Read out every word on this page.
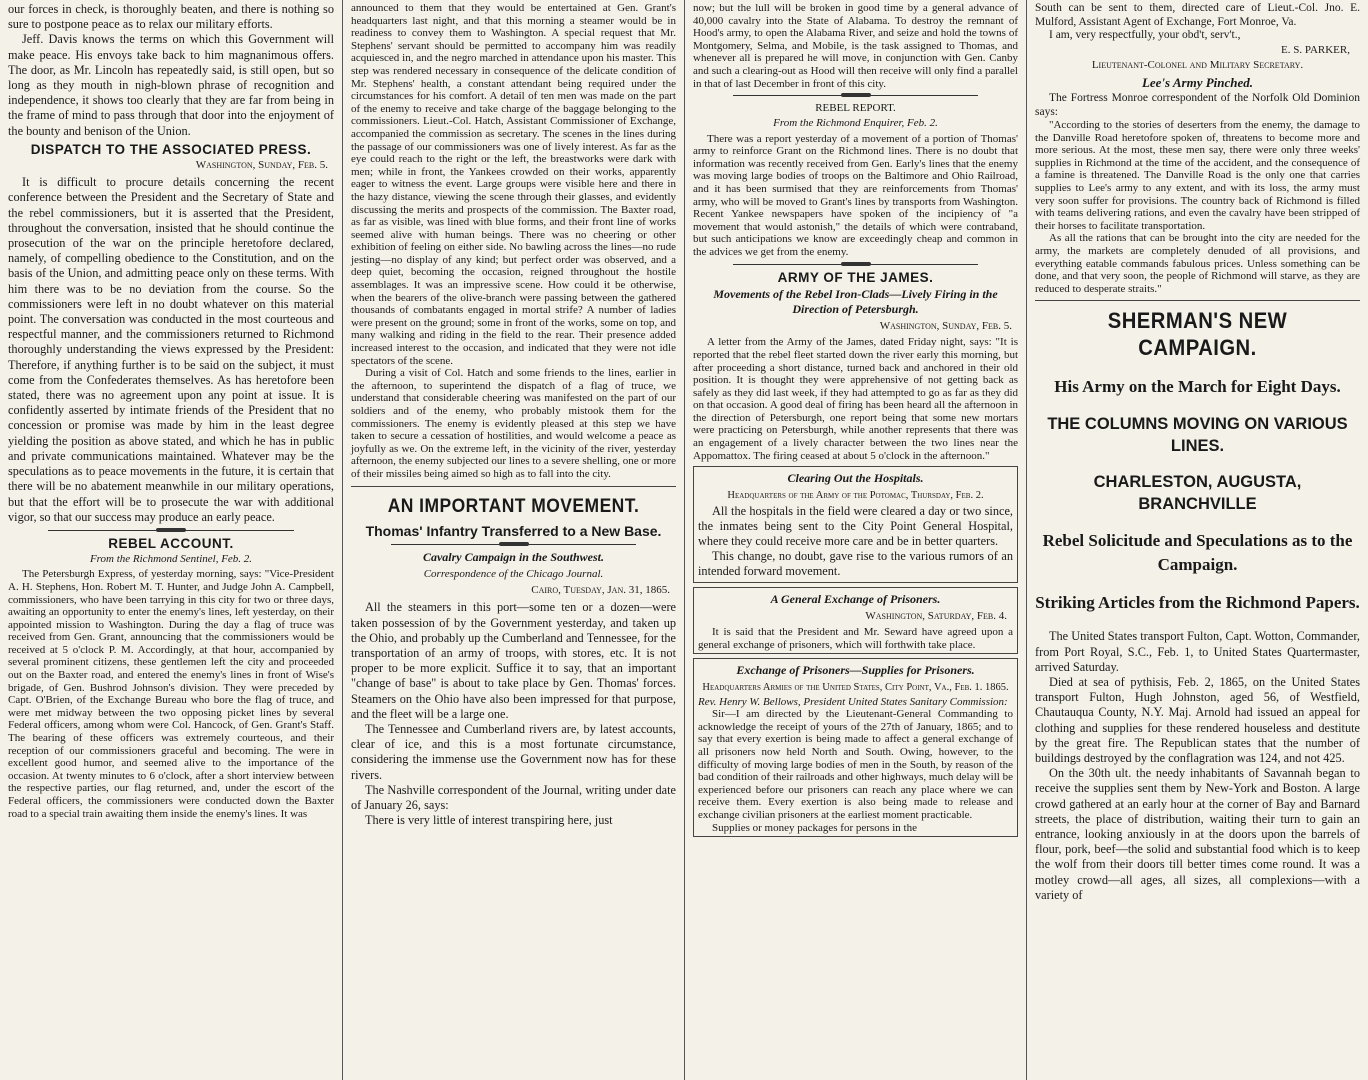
our forces in check, is thoroughly beaten, and there is nothing so sure to postpone peace as to relax our military efforts.

Jeff. Davis knows the terms on which this Government will make peace. His envoys take back to him magnanimous offers. The door, as Mr. Lincoln has repeatedly said, is still open, but so long as they mouth in nigh-blown phrase of recognition and independence, it shows too clearly that they are far from being in the frame of mind to pass through that door into the enjoyment of the bounty and benison of the Union.

DISPATCH TO THE ASSOCIATED PRESS.
Washington, Sunday, Feb. 5.

It is difficult to procure details concerning the recent conference between the President and the Secretary of State and the rebel commissioners, but it is asserted that the President, throughout the conversation, insisted that he should continue the prosecution of the war on the principle heretofore declared, namely, of compelling obedience to the Constitution, and on the basis of the Union, and admitting peace only on these terms. With him there was to be no deviation from the course. So the commissioners were left in no doubt whatever on this material point. The conversation was conducted in the most courteous and respectful manner, and the commissioners returned to Richmond thoroughly understanding the views expressed by the President: Therefore, if anything further is to be said on the subject, it must come from the Confederates themselves. As has heretofore been stated, there was no agreement upon any point at issue. It is confidently asserted by intimate friends of the President that no concession or promise was made by him in the least degree yielding the position as above stated, and which he has in public and private communications maintained. Whatever may be the speculations as to peace movements in the future, it is certain that there will be no abatement meanwhile in our military operations, but that the effort will be to prosecute the war with additional vigor, so that our success may produce an early peace.

REBEL ACCOUNT.
From the Richmond Sentinel, Feb. 2.

The Petersburgh Express, of yesterday morning, says: "Vice-President A. H. Stephens, Hon. Robert M. T. Hunter, and Judge John A. Campbell, commissioners, who have been tarrying in this city for two or three days, awaiting an opportunity to enter the enemy's lines, left yesterday, on their appointed mission to Washington. During the day a flag of truce was received from Gen. Grant, announcing that the commissioners would be received at 5 o'clock P. M. Accordingly, at that hour, accompanied by several prominent citizens, these gentlemen left the city and proceeded out on the Baxter road, and entered the enemy's lines in front of Wise's brigade, of Gen. Bushrod Johnson's division. They were preceded by Capt. O'Brien, of the Exchange Bureau who bore the flag of truce, and were met midway between the two opposing picket lines by several Federal officers, among whom were Col. Hancock, of Gen. Grant's Staff. The bearing of these officers was extremely courteous, and their reception of our commissioners graceful and becoming. The were in excellent good humor, and seemed alive to the importance of the occasion. At twenty minutes to 6 o'clock, after a short interview between the respective parties, our flag returned, and, under the escort of the Federal officers, the commissioners were conducted down the Baxter road to a special train awaiting them inside the enemy's lines. It was

announced to them that they would be entertained at Gen. Grant's headquarters last night, and that this morning a steamer would be in readiness to convey them to Washington. A special request that Mr. Stephens' servant should be permitted to accompany him was readily acquiesced in, and the negro marched in attendance upon his master. This step was rendered necessary in consequence of the delicate condition of Mr. Stephens' health, a constant attendant being required under the circumstances for his comfort. A detail of ten men was made on the part of the enemy to receive and take charge of the baggage belonging to the commissioners. Lieut.-Col. Hatch, Assistant Commissioner of Exchange, accompanied the commission as secretary. The scenes in the lines during the passage of our commissioners was one of lively interest. As far as the eye could reach to the right or the left, the breastworks were dark with men; while in front, the Yankees crowded on their works, apparently eager to witness the event. Large groups were visible here and there in the hazy distance, viewing the scene through their glasses, and evidently discussing the merits and prospects of the commission. The Baxter road, as far as visible, was lined with blue forms, and their front line of works seemed alive with human beings. There was no cheering or other exhibition of feeling on either side. No bawling across the lines—no rude jesting—no display of any kind; but perfect order was observed, and a deep quiet, becoming the occasion, reigned throughout the hostile assemblages. It was an impressive scene. How could it be otherwise, when the bearers of the olive-branch were passing between the gathered thousands of combatants engaged in mortal strife? A number of ladies were present on the ground; some in front of the works, some on top, and many walking and riding in the field to the rear. Their presence added increased interest to the occasion, and indicated that they were not idle spectators of the scene.

During a visit of Col. Hatch and some friends to the lines, earlier in the afternoon, to superintend the dispatch of a flag of truce, we understand that considerable cheering was manifested on the part of our soldiers and of the enemy, who probably mistook them for the commissioners. The enemy is evidently pleased at this step we have taken to secure a cessation of hostilities, and would welcome a peace as joyfully as we. On the extreme left, in the vicinity of the river, yesterday afternoon, the enemy subjected our lines to a severe shelling, one or more of their missiles being aimed so high as to fall into the city.

AN IMPORTANT MOVEMENT.
Thomas' Infantry Transferred to a New Base.
Cavalry Campaign in the Southwest.
Correspondence of the Chicago Journal.
Cairo, Tuesday, Jan. 31, 1865.

All the steamers in this port—some ten or a dozen—were taken possession of by the Government yesterday, and taken up the Ohio, and probably up the Cumberland and Tennessee, for the transportation of an army of troops, with stores, etc. It is not proper to be more explicit. Suffice it to say, that an important "change of base" is about to take place by Gen. Thomas' forces. Steamers on the Ohio have also been impressed for that purpose, and the fleet will be a large one.

The Tennessee and Cumberland rivers are, by latest accounts, clear of ice, and this is a most fortunate circumstance, considering the immense use the Government now has for these rivers.

The Nashville correspondent of the Journal, writing under date of January 26, says:

There is very little of interest transpiring here, just

now; but the lull will be broken in good time by a general advance of 40,000 cavalry into the State of Alabama. To destroy the remnant of Hood's army, to open the Alabama River, and seize and hold the towns of Montgomery, Selma, and Mobile, is the task assigned to Thomas, and whenever all is prepared he will move, in conjunction with Gen. Canby and such a clearing-out as Hood will then receive will only find a parallel in that of last December in front of this city.

REBEL REPORT.
From the Richmond Enquirer, Feb. 2.

There was a report yesterday of a movement of a portion of Thomas' army to reinforce Grant on the Richmond lines. There is no doubt that information was recently received from Gen. Early's lines that the enemy was moving large bodies of troops on the Baltimore and Ohio Railroad, and it has been surmised that they are reinforcements from Thomas' army, who will be moved to Grant's lines by transports from Washington. Recent Yankee newspapers have spoken of the incipiency of "a movement that would astonish," the details of which were contraband, but such anticipations we know are exceedingly cheap and common in the advices we get from the enemy.

ARMY OF THE JAMES.
Movements of the Rebel Iron-Clads—Lively Firing in the Direction of Petersburgh.
Washington, Sunday, Feb. 5.

A letter from the Army of the James, dated Friday night, says: "It is reported that the rebel fleet started down the river early this morning, but after proceeding a short distance, turned back and anchored in their old position. It is thought they were apprehensive of not getting back as safely as they did last week, if they had attempted to go as far as they did on that occasion. A good deal of firing has been heard all the afternoon in the direction of Petersburgh, one report being that some new mortars were practicing on Petersburgh, while another represents that there was an engagement of a lively character between the two lines near the Appomattox. The firing ceased at about 5 o'clock in the afternoon."

Clearing Out the Hospitals.
Headquarters of the Army of the Potomac, Thursday, Feb. 2.

All the hospitals in the field were cleared a day or two since, the inmates being sent to the City Point General Hospital, where they could receive more care and be in better quarters.

This change, no doubt, gave rise to the various rumors of an intended forward movement.

A General Exchange of Prisoners.
Washington, Saturday, Feb. 4.

It is said that the President and Mr. Seward have agreed upon a general exchange of prisoners, which will forthwith take place.

Exchange of Prisoners—Supplies for Prisoners.
Headquarters Armies of the United States, City Point, Va., Feb. 1. 1865.

Rev. Henry W. Bellows, President United States Sanitary Commission:

Sir—I am directed by the Lieutenant-General Commanding to acknowledge the receipt of yours of the 27th of January, 1865; and to say that every exertion is being made to affect a general exchange of all prisoners now held North and South. Owing, however, to the difficulty of moving large bodies of men in the South, by reason of the bad condition of their railroads and other highways, much delay will be experienced before our prisoners can reach any place where we can receive them. Every exertion is also being made to release and exchange civilian prisoners at the earliest moment practicable.

Supplies or money packages for persons in the

South can be sent to them, directed care of Lieut.-Col. Jno. E. Mulford, Assistant Agent of Exchange, Fort Monroe, Va.

I am, very respectfully, your obd't, serv't.,

E. S. PARKER,
Lieutenant-Colonel and Military Secretary.
Lee's Army Pinched.

The Fortress Monroe correspondent of the Norfolk Old Dominion says:

"According to the stories of deserters from the enemy, the damage to the Danville Road heretofore spoken of, threatens to become more and more serious. At the most, these men say, there were only three weeks' supplies in Richmond at the time of the accident, and the consequence of a famine is threatened. The Danville Road is the only one that carries supplies to Lee's army to any extent, and with its loss, the army must very soon suffer for provisions. The country back of Richmond is filled with teams delivering rations, and even the cavalry have been stripped of their horses to facilitate transportation.

As all the rations that can be brought into the city are needed for the army, the markets are completely denuded of all provisions, and everything eatable commands fabulous prices. Unless something can be done, and that very soon, the people of Richmond will starve, as they are reduced to desperate straits."

SHERMAN'S NEW CAMPAIGN.
His Army on the March for Eight Days.
THE COLUMNS MOVING ON VARIOUS LINES.
CHARLESTON, AUGUSTA, BRANCHVILLE
Rebel Solicitude and Speculations as to the Campaign.
Striking Articles from the Richmond Papers.

The United States transport Fulton, Capt. Wotton, Commander, from Port Royal, S.C., Feb. 1, to United States Quartermaster, arrived Saturday.

Died at sea of pythisis, Feb. 2, 1865, on the United States transport Fulton, Hugh Johnston, aged 56, of Westfield, Chautauqua County, N.Y. Maj. Arnold had issued an appeal for clothing and supplies for these rendered houseless and destitute by the great fire. The Republican states that the number of buildings destroyed by the conflagration was 124, and not 425.

On the 30th ult. the needy inhabitants of Savannah began to receive the supplies sent them by New-York and Boston. A large crowd gathered at an early hour at the corner of Bay and Barnard streets, the place of distribution, waiting their turn to gain an entrance, looking anxiously in at the doors upon the barrels of flour, pork, beef—the solid and substantial food which is to keep the wolf from their doors till better times come round. It was a motley crowd—all ages, all sizes, all complexions—with a variety of
